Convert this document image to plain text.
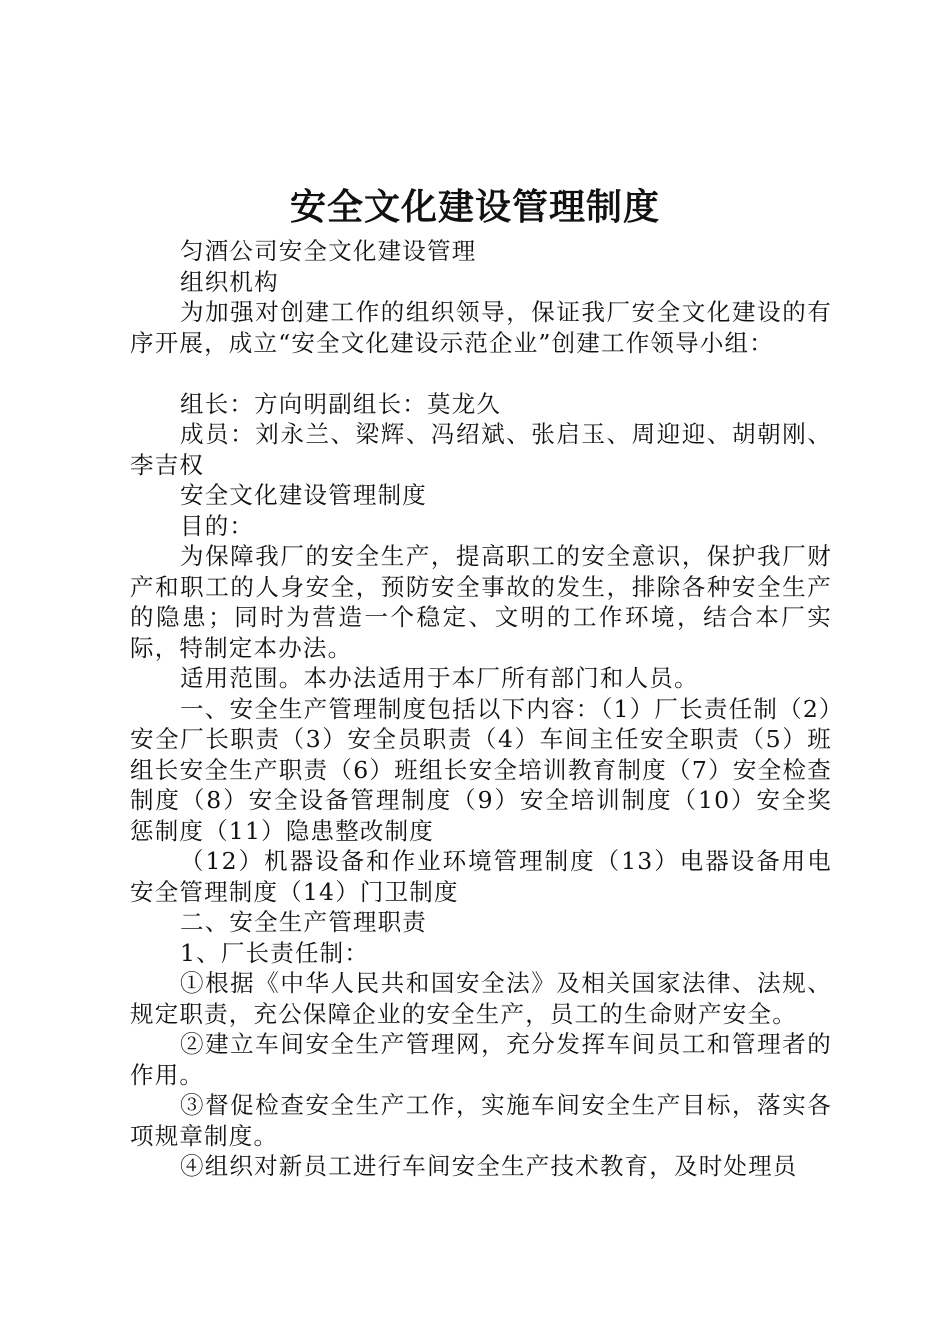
安全文化建设管理制度

匀酒公司安全文化建设管理

组织机构

为加强对创建工作的组织领导，保证我厂安全文化建设的有序开展，成立“安全文化建设示范企业”创建工作领导小组：

组长：方向明副组长：莫龙久

成员：刘永兰、梁辉、冯绍斌、张启玉、周迎迎、胡朝刚、李吉权

安全文化建设管理制度

目的：

为保障我厂的安全生产，提高职工的安全意识，保护我厂财产和职工的人身安全，预防安全事故的发生，排除各种安全生产的隐患；同时为营造一个稳定、文明的工作环境，结合本厂实际，特制定本办法。

适用范围。本办法适用于本厂所有部门和人员。

一、安全生产管理制度包括以下内容：（1）厂长责任制（2）安全厂长职责（3）安全员职责（4）车间主任安全职责（5）班组长安全生产职责（6）班组长安全培训教育制度（7）安全检查制度（8）安全设备管理制度（9）安全培训制度（10）安全奖惩制度（11）隐患整改制度

（12）机器设备和作业环境管理制度（13）电器设备用电安全管理制度（14）门卫制度

二、安全生产管理职责

1、厂长责任制：

①根据《中华人民共和国安全法》及相关国家法律、法规、规定职责，充公保障企业的安全生产，员工的生命财产安全。

②建立车间安全生产管理网，充分发挥车间员工和管理者的作用。

③督促检查安全生产工作，实施车间安全生产目标，落实各项规章制度。

④组织对新员工进行车间安全生产技术教育，及时处理员
